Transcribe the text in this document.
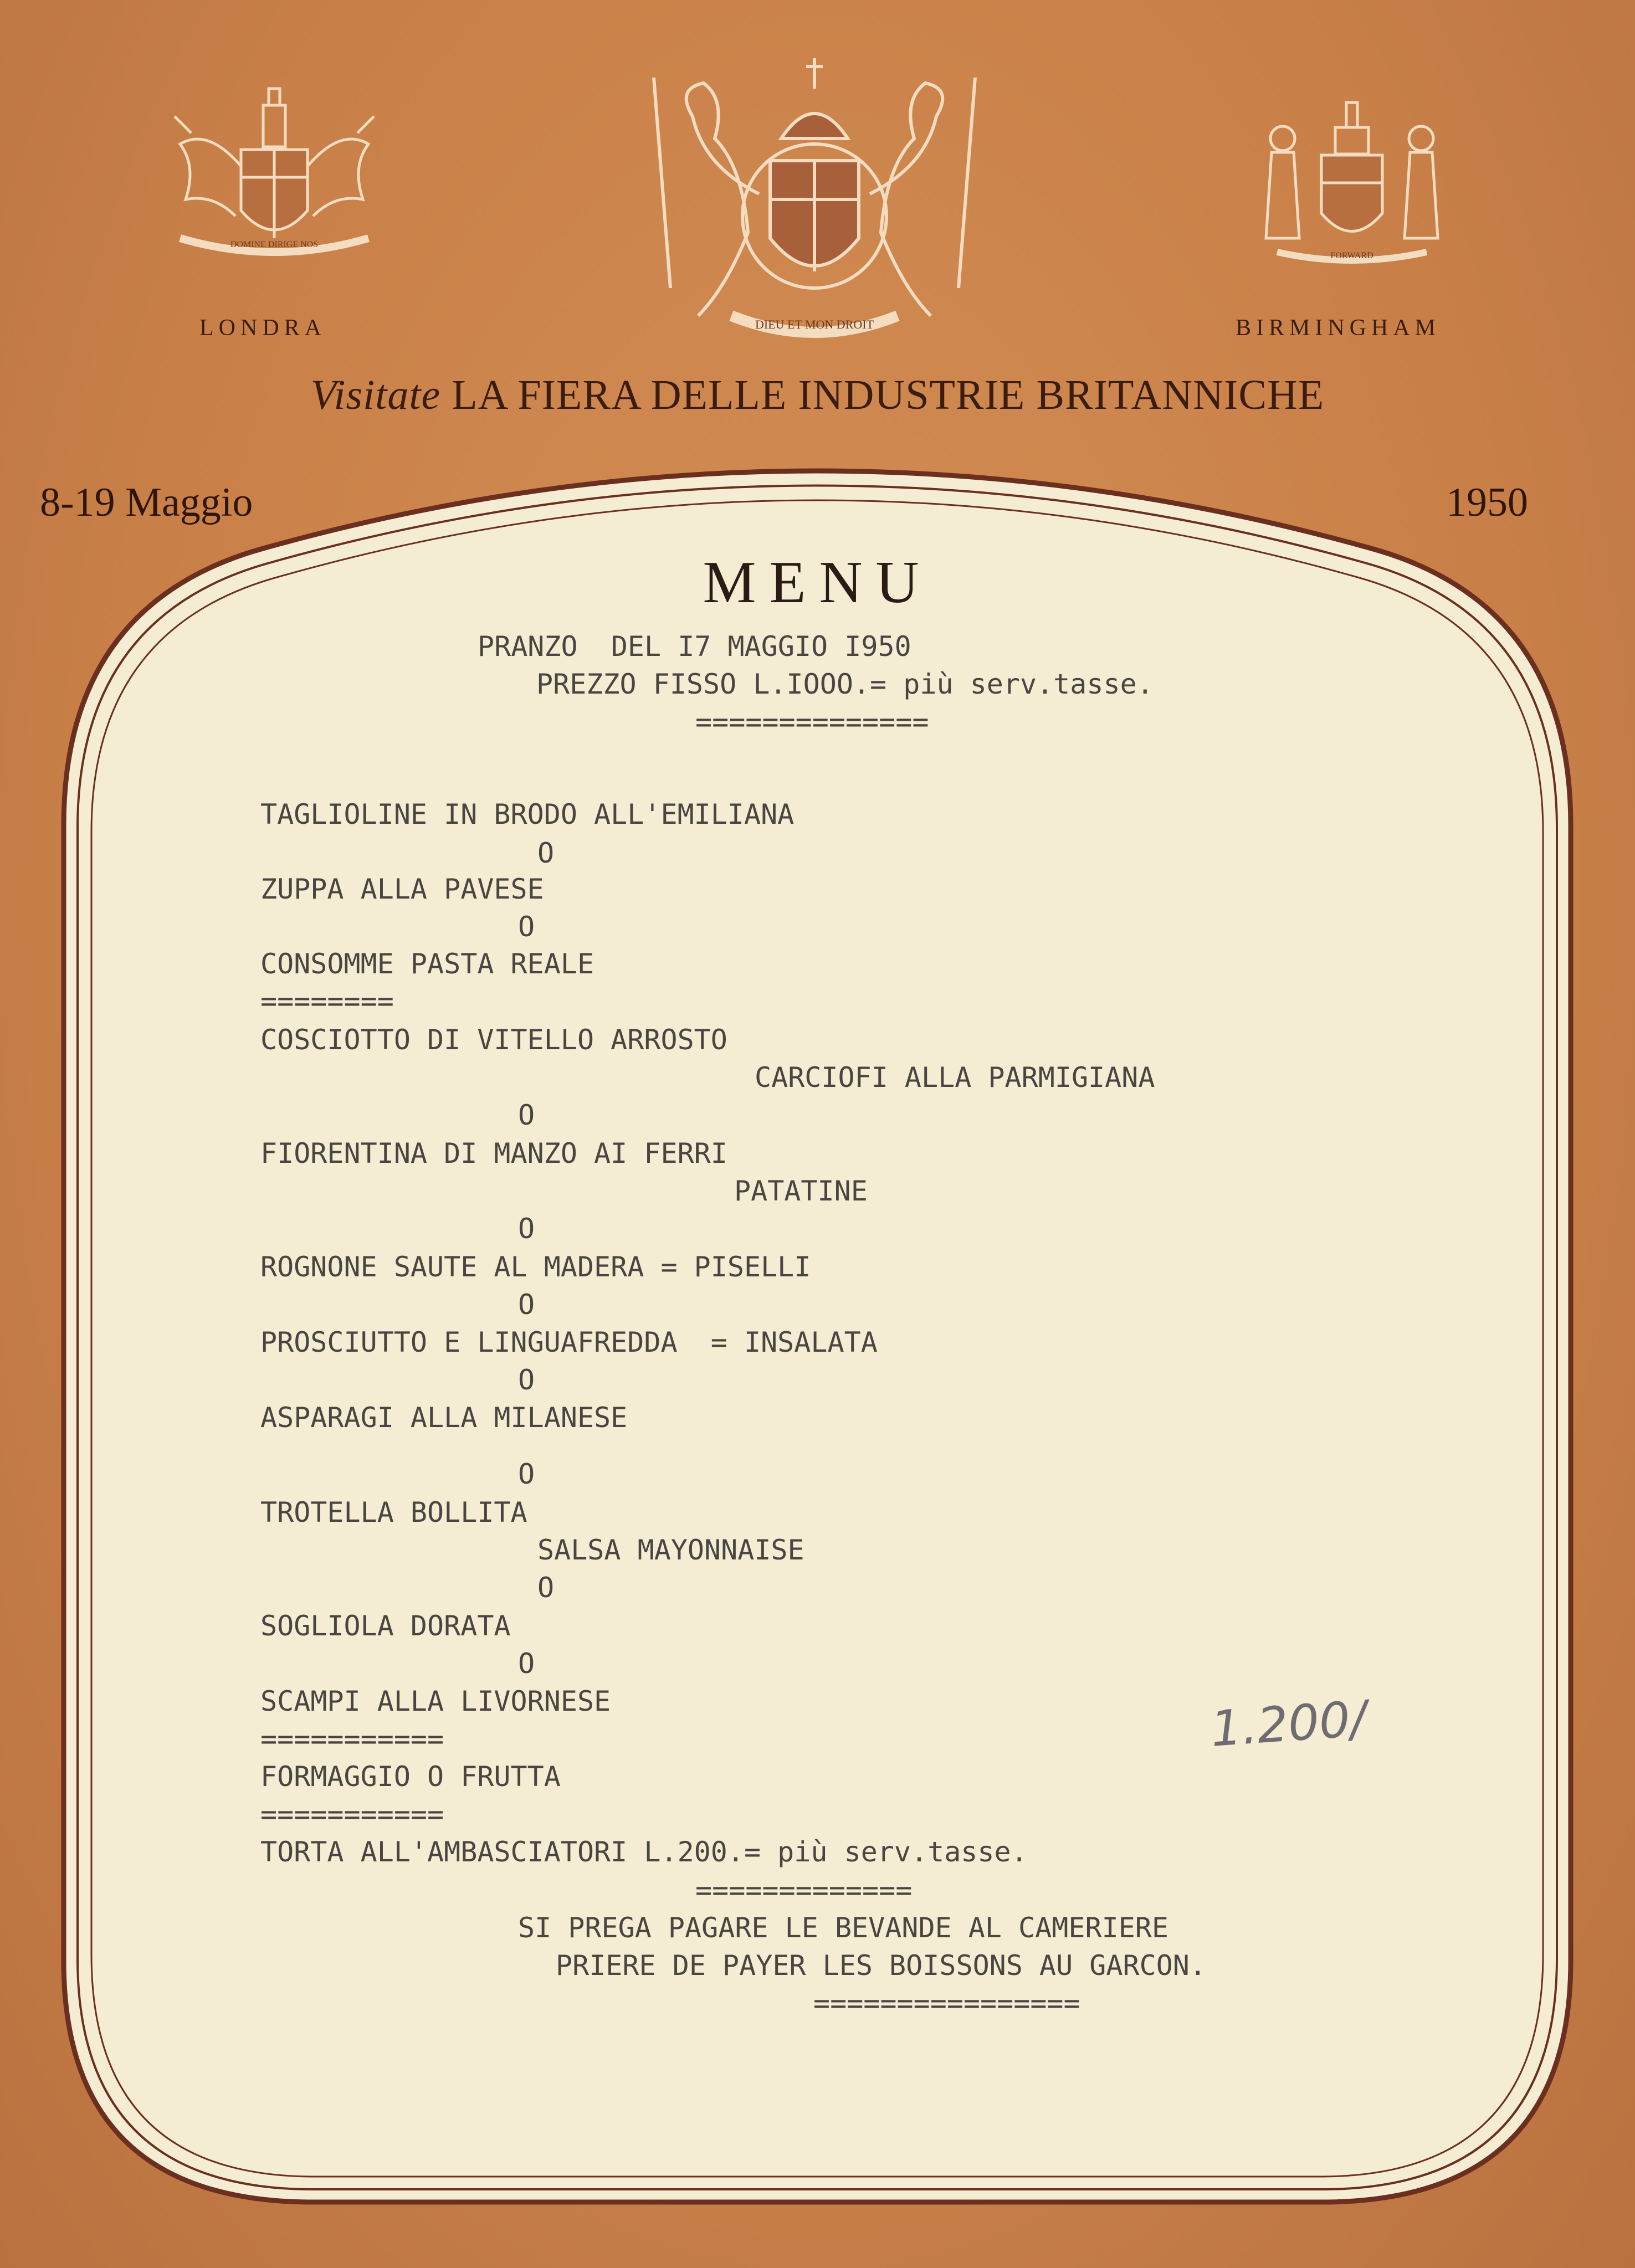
DOMINE DIRIGE NOS
DIEU ET MON DROIT
FORWARD
LONDRA	BIRMINGHAM
Visitate LA FIERA DELLE INDUSTRIE BRITANNICHE
8-19 Maggio	1950
MENU
PRANZO  DEL I7 MAGGIO I950
PREZZO FISSO L.IOOO.= più serv.tasse.
==============
TAGLIOLINE IN BRODO ALL'EMILIANA
O
ZUPPA ALLA PAVESE
O
CONSOMME PASTA REALE
========
COSCIOTTO DI VITELLO ARROSTO
CARCIOFI ALLA PARMIGIANA
O
FIORENTINA DI MANZO AI FERRI
PATATINE
O
ROGNONE SAUTE AL MADERA = PISELLI
O
PROSCIUTTO E LINGUAFREDDA  = INSALATA
O
ASPARAGI ALLA MILANESE
O
TROTELLA BOLLITA
SALSA MAYONNAISE
O
SOGLIOLA DORATA
O
SCAMPI ALLA LIVORNESE
===========
FORMAGGIO O FRUTTA
===========
TORTA ALL'AMBASCIATORI L.200.= più serv.tasse.
=============
SI PREGA PAGARE LE BEVANDE AL CAMERIERE
PRIERE DE PAYER LES BOISSONS AU GARCON.
================
1.200/
